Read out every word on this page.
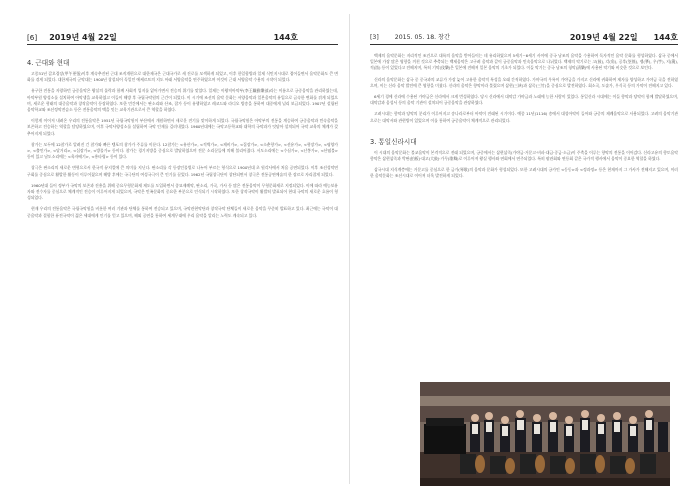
[6] 2019년 4월 22일	144호
4. 근대와 현대

고종31년 갑오경장(甲午更張)이후 계속추진된 근대 조직개편으로 대한제국은 근대국가로 새 진로를 모색하게 되었고, 이후 한일합방과 일제 식민지시대로 접어들면서 음악문화도 큰 변화를 겪게 되었다. 대한제국의 군악대는 1900년 창설되어 독일인 에케르트의 지도 아래 서양음악을 연주하였으며 이것이 근대 서양음악 수용의 시작이 되었다.

유구한 전통을 자랑하던 궁중음악은 왕실의 몰락과 함께 사회적 입지를 잃어가면서 전승의 위기를 맞았다. 일제는 이왕직아악부(李王職雅樂部)라는 이름으로 궁중음악을 관리하였는데, 아악부원 양성소를 설치하여 아악생을 교육하였고 이들이 해방 후 국립국악원의 근간이 되었다. 이 시기에 조선의 음악 문화는 서양음악과 일본음악의 유입으로 급속한 변화를 겪게 되었으며, 새로운 형태의 대중음악과 창작음악이 등장하였다. 또한 민간에서는 판소리와 산조, 잡가 등이 유행하였고 레코드와 라디오 방송을 통하여 대중에게 널리 보급되었다. 1907년 설립된 음악학교와 조선정악전습소 등은 전통음악의 맥을 잇는 교육기관으로서 큰 역할을 하였다.

이렇게 이어져 내려온 우리의 전통음악은 1951년 국립국악원이 부산에서 개원하면서 새로운 전기를 맞이하게 되었다. 국립국악원은 아악부의 전통을 계승하여 궁중음악과 민속음악을 보존하고 전승하는 역할을 담당하였으며, 이후 국악사양성소를 설립하여 국악 인재를 길러내었다. 1960년대에는 국악고등학교와 대학의 국악과가 잇달아 설치되어 국악 교육의 체계가 갖추어지게 되었다.

참가는 모두에 12참가로 알려진 긴 참가와 빠른 템포의 참가가 주류를 이룬다. 12참가는 <유산가>, <적벽가>, <제비가>, <집장가>, <소춘향가>, <선유가>, <형장가>, <평양가>, <출인가>, <달거리>, <십장가>, <방물가> 등이다. 참가는 경기지방을 중심으로 발달하였으며 전문 소리꾼들에 의해 불리어졌다. 서도소리에는 <수심가>, <난봉가>, <산염불> 등이 있고 남도소리에는 <육자배기>, <흥타령> 등이 있다.

창극은 판소리의 새로운 변형으로서 한국적 뮤지컬에 큰 의미를 지닌다. 판소리를 각 등장인물별로 나누어 부르는 형식으로 1900년대 초 원각사에서 처음 공연되었다. 이후 조선성악연구회를 중심으로 활발한 활동이 이루어졌으며 해방 후에는 국극단의 여성국극이 큰 인기를 끌었다. 1962년 국립창극단이 창단되면서 창극은 전통공연예술의 한 장르로 자리잡게 되었다.

1960년대 들어 정부가 국악의 보존과 진흥을 위해 중요무형문화재 제도를 도입하면서 종묘제례악, 판소리, 가곡, 가사 등 많은 전통음악이 무형문화재로 지정되었다. 이에 따라 예능보유자와 전수자를 중심으로 체계적인 전승이 이루어지게 되었으며, 국악은 민족문화의 중요한 부분으로 인식되기 시작하였다. 또한 창작국악이 활발히 발표되어 현대 국악의 새로운 흐름이 형성되었다.

현재 우리의 전통음악은 국립국악원을 비롯한 여러 기관과 단체를 통하여 전승되고 있으며, 국악관현악단과 창작국악 단체들이 새로운 음악을 꾸준히 발표하고 있다. 최근에는 국악이 대중음악과 결합한 퓨전국악이 젊은 세대에게 인기를 얻고 있으며, 해외 공연을 통하여 세계무대에 우리 음악을 알리는 노력도 계속되고 있다.

[3]	2015. 05. 18. 창간	2019년 4월 22일 144호

백제의 음악문화는 지리적인 조건으로 대륙의 음악을 받아들이는 데 유리하였으며 5세기~6세기 사이에 중국 남조의 음악을 수용하여 독자적인 음악 문화를 형성하였다. 삼국 중에서 일본에 가장 많은 영향을 끼친 것으로 추측되는 백제음악은 고구려 음악과 같이 궁중음악과 민속음악으로 나뉘었다. 백제의 악기로는 고(鼓), 각(角), 공후(箜篌), 쟁(箏), 우(竽), 지(篪), 적(笛) 등이 있었다고 전해지며, 특히 기악(伎樂)은 일본에 전해져 일본 음악의 기초가 되었다. 이들 악기는 중국 남조의 청악(淸樂)에 사용된 악기와 비슷한 것으로 보인다.

신라의 음악문화는 삼국 중 중국과의 교류가 가장 늦어 고유한 음악적 특성을 오래 간직하였다. 가야국의 우륵이 가야금을 가지고 신라에 귀화하여 제자를 양성하고 가야금 곡을 전하였으며, 이는 신라 음악 발전에 큰 영향을 미쳤다. 신라의 음악은 향악이라 불렸으며 삼현(三絃)과 삼죽(三竹)을 중심으로 발전하였다. 회소곡, 도솔가, 우식곡 등의 가악이 전해지고 있다.

6세기 경에 신라에 수용된 가야금은 신라에서 크게 번성하였다. 당시 신라에서 대악감 가야금과 노래에 능한 사람이 있었다. 통일신라 시대에는 이들 향악과 당악이 함께 발달하였으며, 대악감과 음성서 등의 음악 기관이 설치되어 궁중음악을 관장하였다.

고려시대는 향악과 당악의 분리가 이루어지고 송나라로부터 아악이 전래된 시기이다. 예종 11년(1116) 송에서 대성아악이 들어와 궁중의 제례음악으로 사용되었다. 고려의 음악기관으로는 대악서와 관현방이 있었으며 이를 통하여 궁중음악이 체계적으로 관리되었다.

3. 통일신라시대

이 시대의 음악문화는 불교음악이 본격적으로 전래 되었으며, 궁중에서는 삼현삼죽(가야금·거문고·비파·대금·중금·소금)이 주축을 이루는 향악의 전통을 이어갔다. 신라고유의 향토음악 향악은 삼현삼죽과 박판(拍板)·대고(大鼓)·가무(歌舞)로 이루어져 왕실 행사와 연회에서 연주되었다. 특히 팔관회와 연등회 같은 국가적 행사에서 음악이 중요한 역할을 하였다.

삼국시대 지식계층에는 거문고를 중심으로 한 금가(琴歌)의 음악과 문화가 형성되었다. 또한 고려시대의 궁가인 <동동>과 <정과정> 등은 현재까지 그 가사가 전해지고 있으며, 이러한 음악문화는 조선시대로 이어져 더욱 발전하게 되었다.
